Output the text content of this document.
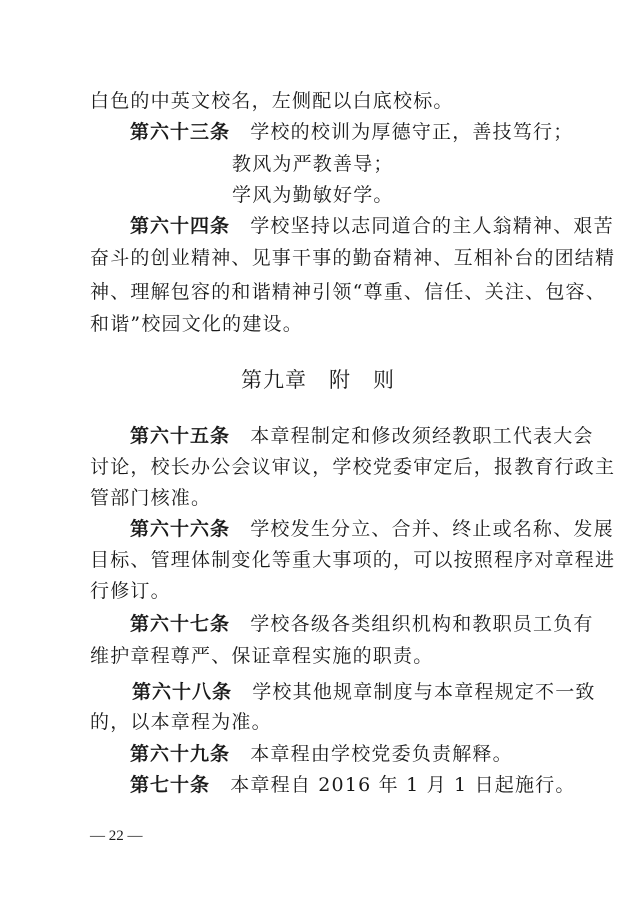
白色的中英文校名，左侧配以白底校标。
第六十三条　 学校的校训为厚德守正，善技笃行；
教风为严教善导；
学风为勤敏好学。
第六十四条　 学校坚持以志同道合的主人翁精神、艰苦
奋斗的创业精神、见事干事的勤奋精神、互相补台的团结精
神、理解包容的和谐精神引领“尊重、信任、关注、包容、
和谐”校园文化的建设。
第九章　附　则
第六十五条　 本章程制定和修改须经教职工代表大会
讨论，校长办公会议审议，学校党委审定后，报教育行政主
管部门核准。
第六十六条　 学校发生分立、合并、终止或名称、发展
目标、管理体制变化等重大事项的，可以按照程序对章程进
行修订。
第六十七条　 学校各级各类组织机构和教职员工负有
维护章程尊严、保证章程实施的职责。
第六十八条　 学校其他规章制度与本章程规定不一致
的，以本章程为准。
第六十九条　 本章程由学校党委负责解释。
第七十条　 本章程自 2016 年 1 月 1 日起施行。
— 22 —
